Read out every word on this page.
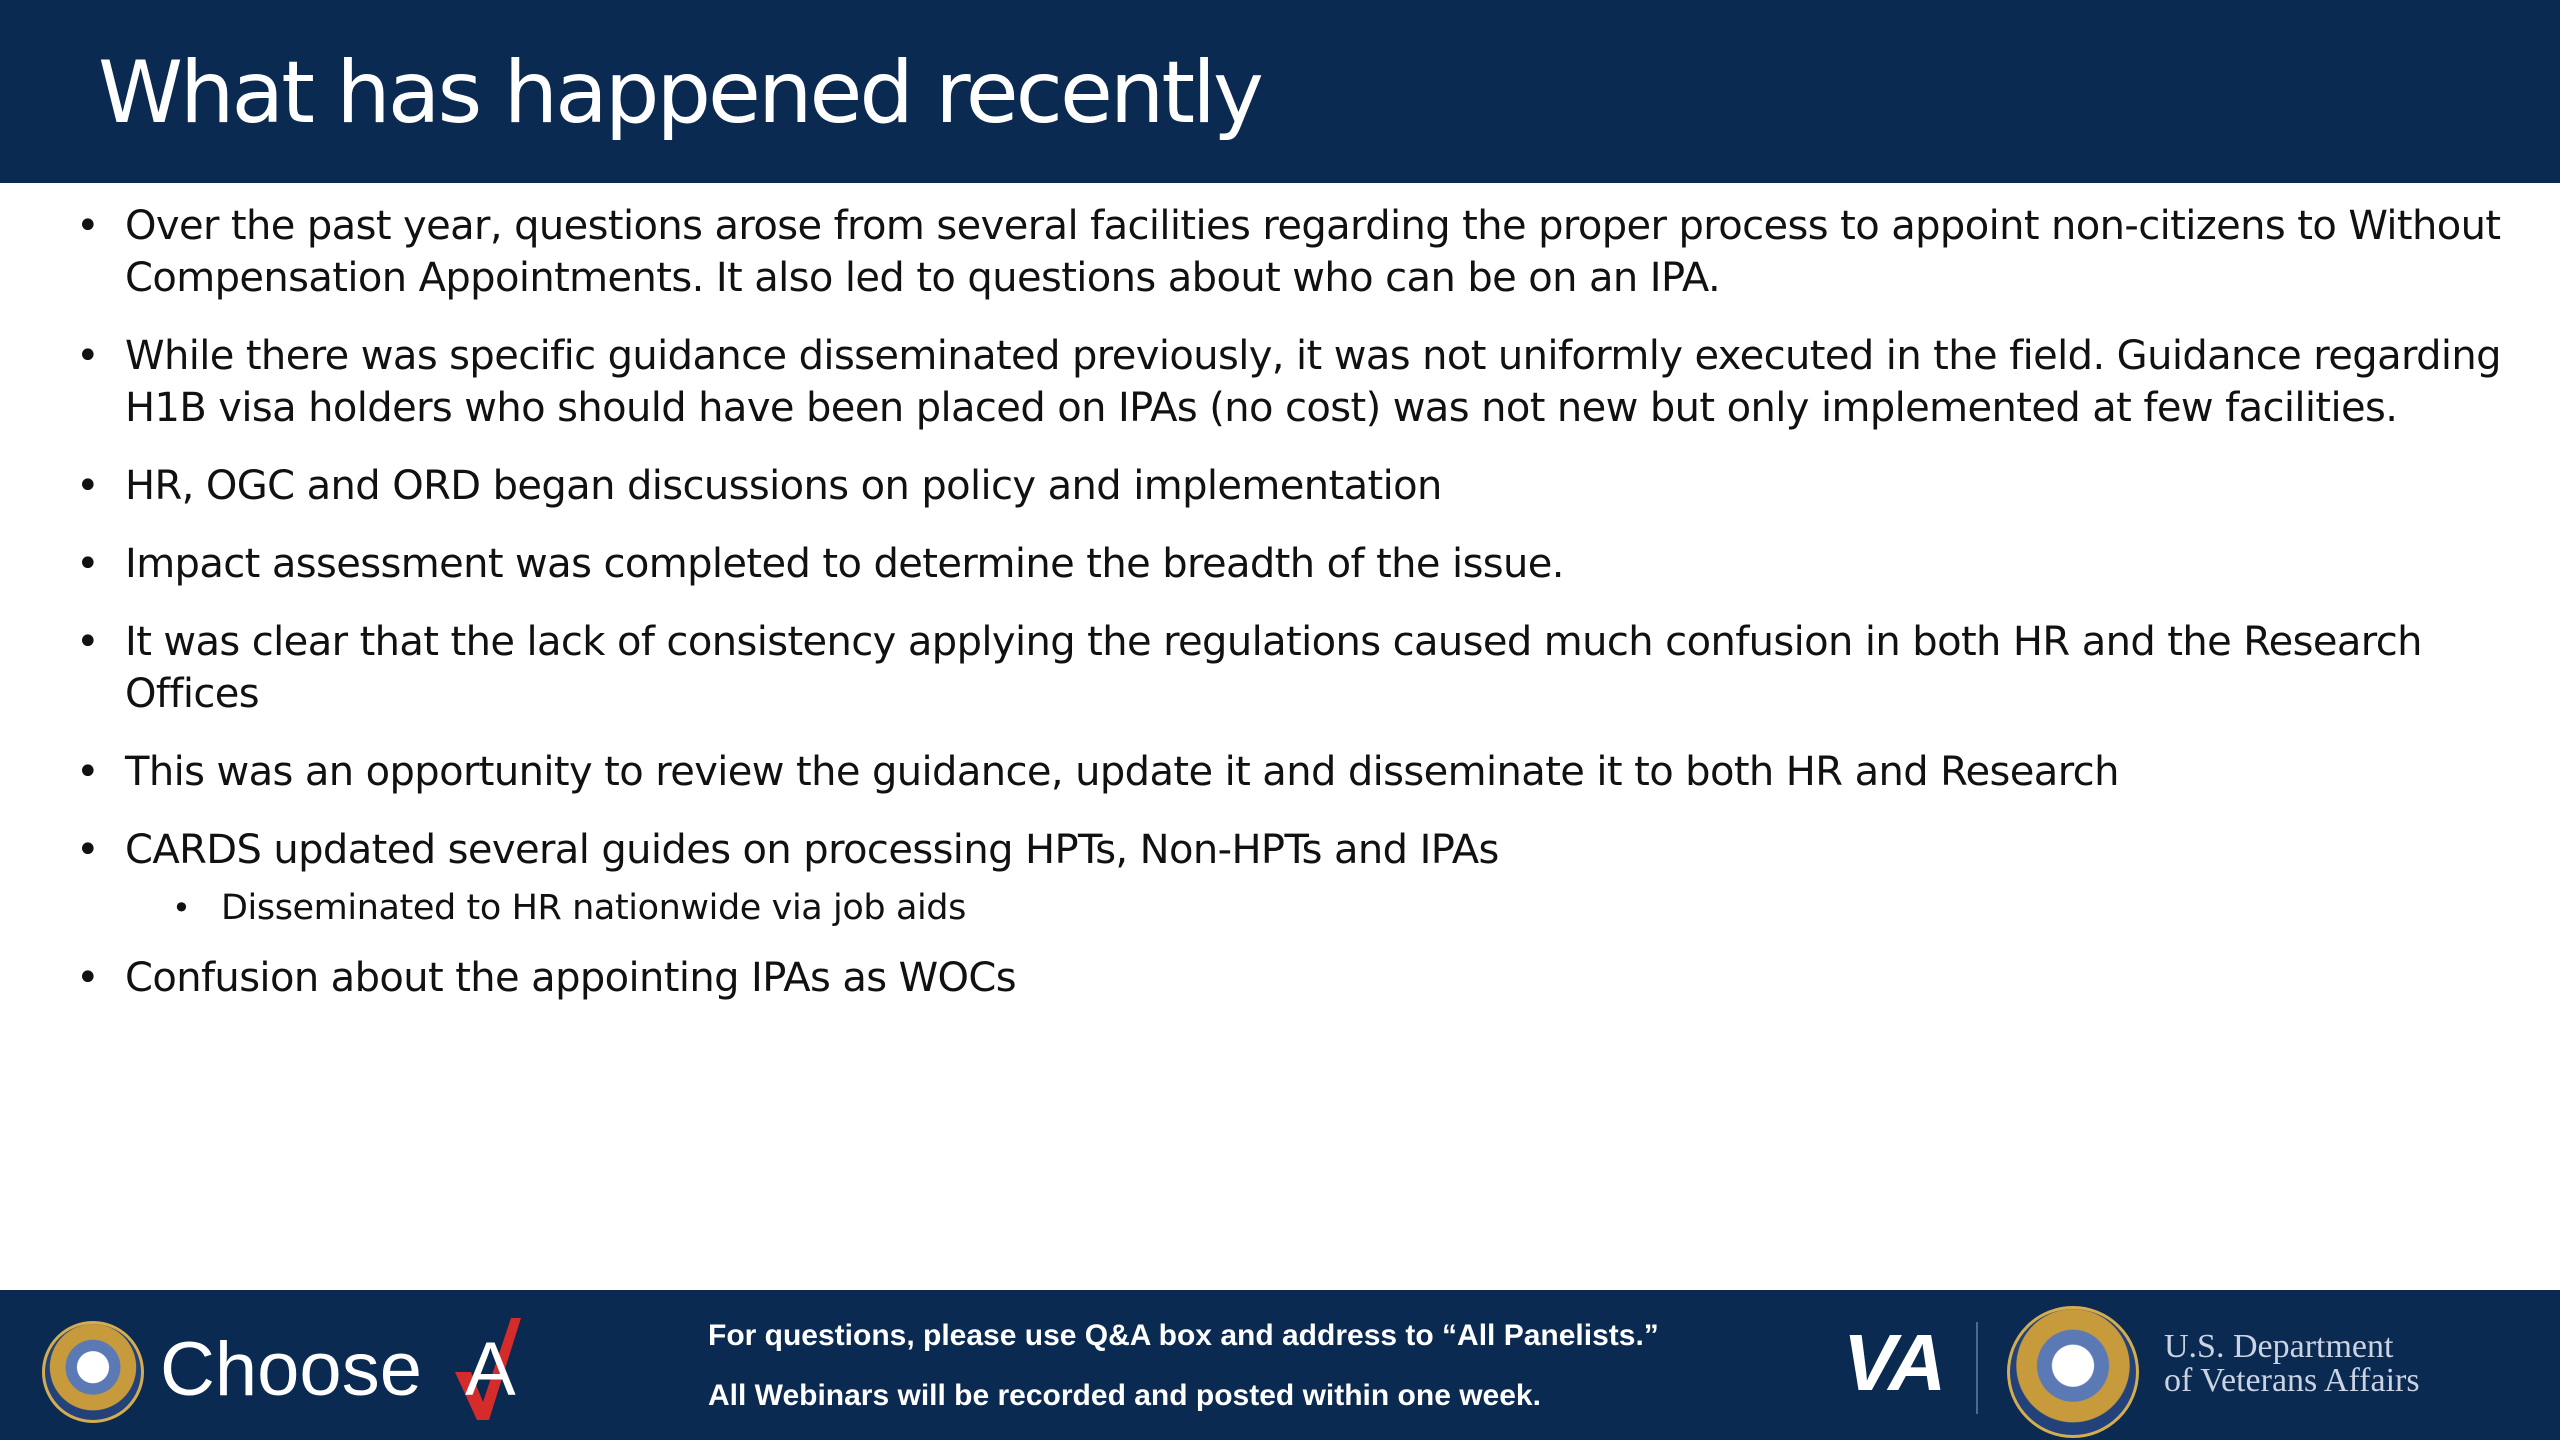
What has happened recently
• Over the past year, questions arose from several facilities regarding the proper process to appoint non-citizens to Without Compensation Appointments. It also led to questions about who can be on an IPA.
• While there was specific guidance disseminated previously, it was not uniformly executed in the field. Guidance regarding H1B visa holders who should have been placed on IPAs (no cost) was not new but only implemented at few facilities.
• HR, OGC and ORD began discussions on policy and implementation
• Impact assessment was completed to determine the breadth of the issue.
• It was clear that the lack of consistency applying the regulations caused much confusion in both HR and the Research Offices
• This was an opportunity to review the guidance, update it and disseminate it to both HR and Research
• CARDS updated several guides on processing HPTs, Non-HPTs and IPAs
• Disseminated to HR nationwide via job aids
• Confusion about the appointing IPAs as WOCs
Choose A	For questions, please use Q&A box and address to “All Panelists.”
All Webinars will be recorded and posted within one week.	VA	U.S. Department
of Veterans Affairs
